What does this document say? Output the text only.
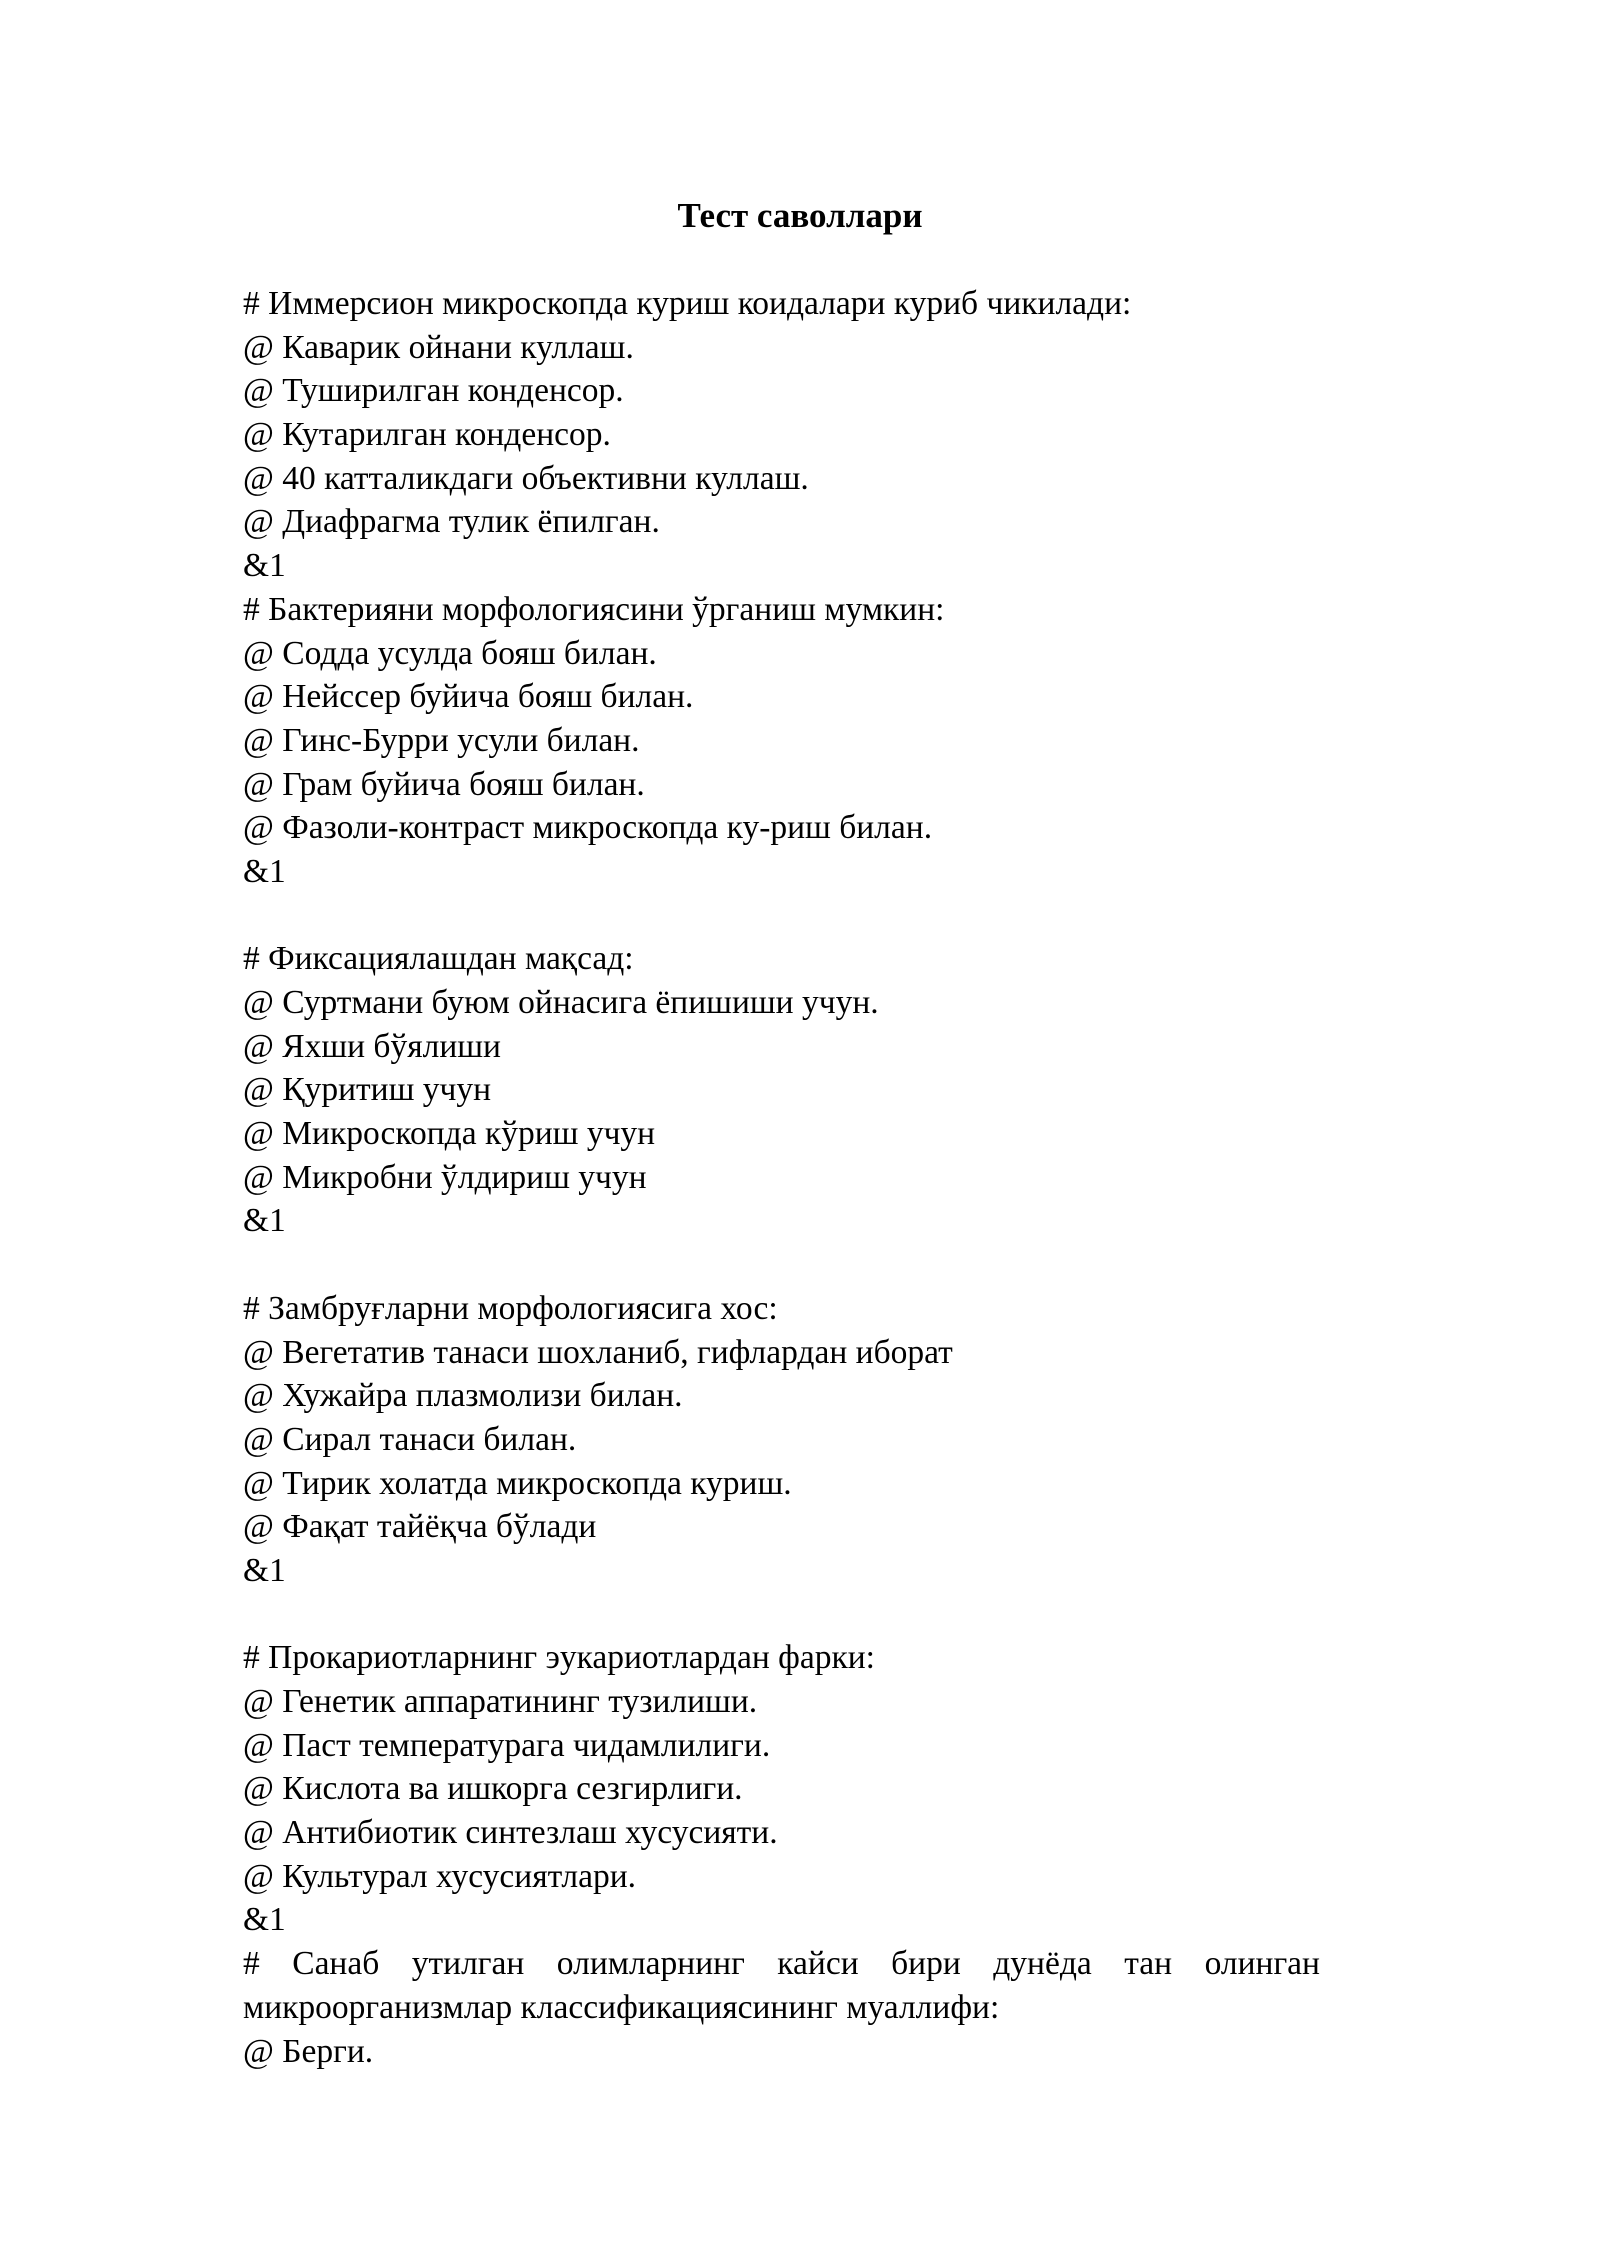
Тест саволлари
# Иммерсион микроскопда куриш коидалари куриб чикилади:
@ Каварик ойнани куллаш.
@ Туширилган конденсор.
@ Кутарилган конденсор.
@ 40 катталикдаги объективни куллаш.
@ Диафрагма тулик ёпилган.
&1
# Бактерияни морфологиясини ўрганиш мумкин:
@ Содда усулда бояш билан.
@ Нейссер буйича бояш билан.
@ Гинс-Бурри усули билан.
@ Грам буйича бояш билан.
@ Фазоли-контраст микроскопда ку-риш билан.
&1
# Фиксациялашдан мақсад:
@ Суртмани буюм ойнасига ёпишиши учун.
@ Яхши бўялиши
@ Қуритиш учун
@ Микроскопда кўриш учун
@ Микробни ўлдириш учун
&1
# Замбруғларни морфологиясига хос:
@ Вегетатив танаси шохланиб, гифлардан иборат
@ Хужайра плазмолизи билан.
@ Сирал танаси билан.
@ Тирик холатда микроскопда куриш.
@ Фақат тайёқча бўлади
&1
# Прокариотларнинг эукариотлардан фарки:
@ Генетик аппаратининг тузилиши.
@ Паст температурага чидамлилиги.
@ Кислота ва ишкорга сезгирлиги.
@ Антибиотик синтезлаш хусусияти.
@ Культурал хусусиятлари.
&1
# Санаб утилган олимларнинг кайси бири дунёда тан олинган
микроорганизмлар классификациясининг муаллифи:
@ Берги.
